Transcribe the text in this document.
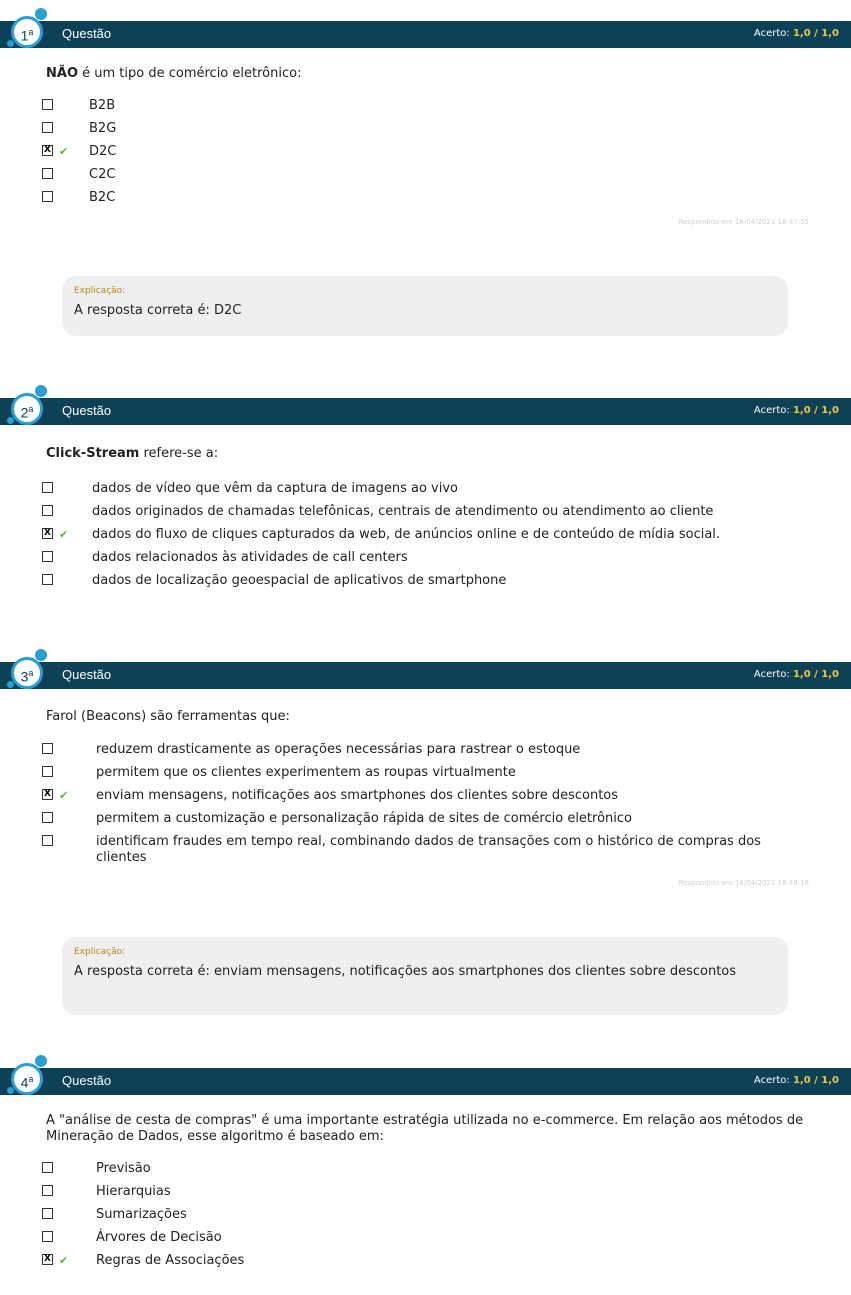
Questão	Acerto: 1,0 / 1,0
1$^a$
NÃO é um tipo de comércio eletrônico:
B2B
B2G
X ✔ D2C
C2C
B2C
Respondido em 16/04/2021 18:47:55
Explicação:
A resposta correta é: D2C
Questão	Acerto: 1,0 / 1,0
2$^a$
Click-Stream refere-se a:
dados de vídeo que vêm da captura de imagens ao vivo
dados originados de chamadas telefônicas, centrais de atendimento ou atendimento ao cliente
X ✔ dados do fluxo de cliques capturados da web, de anúncios online e de conteúdo de mídia social.
dados relacionados às atividades de call centers
dados de localização geoespacial de aplicativos de smartphone
Questão	Acerto: 1,0 / 1,0
3$^a$
Farol (Beacons) são ferramentas que:
reduzem drasticamente as operações necessárias para rastrear o estoque
permitem que os clientes experimentem as roupas virtualmente
X ✔ enviam mensagens, notificações aos smartphones dos clientes sobre descontos
permitem a customização e personalização rápida de sites de comércio eletrônico
identificam fraudes em tempo real, combinando dados de transações com o histórico de compras dos clientes
Respondido em 16/04/2021 18:48:18
Explicação:
A resposta correta é: enviam mensagens, notificações aos smartphones dos clientes sobre descontos
Questão	Acerto: 1,0 / 1,0
4$^a$
A "análise de cesta de compras" é uma importante estratégia utilizada no e-commerce. Em relação aos métodos de Mineração de Dados, esse algoritmo é baseado em:
Previsão
Hierarquias
Sumarizações
Árvores de Decisão
X ✔ Regras de Associações
